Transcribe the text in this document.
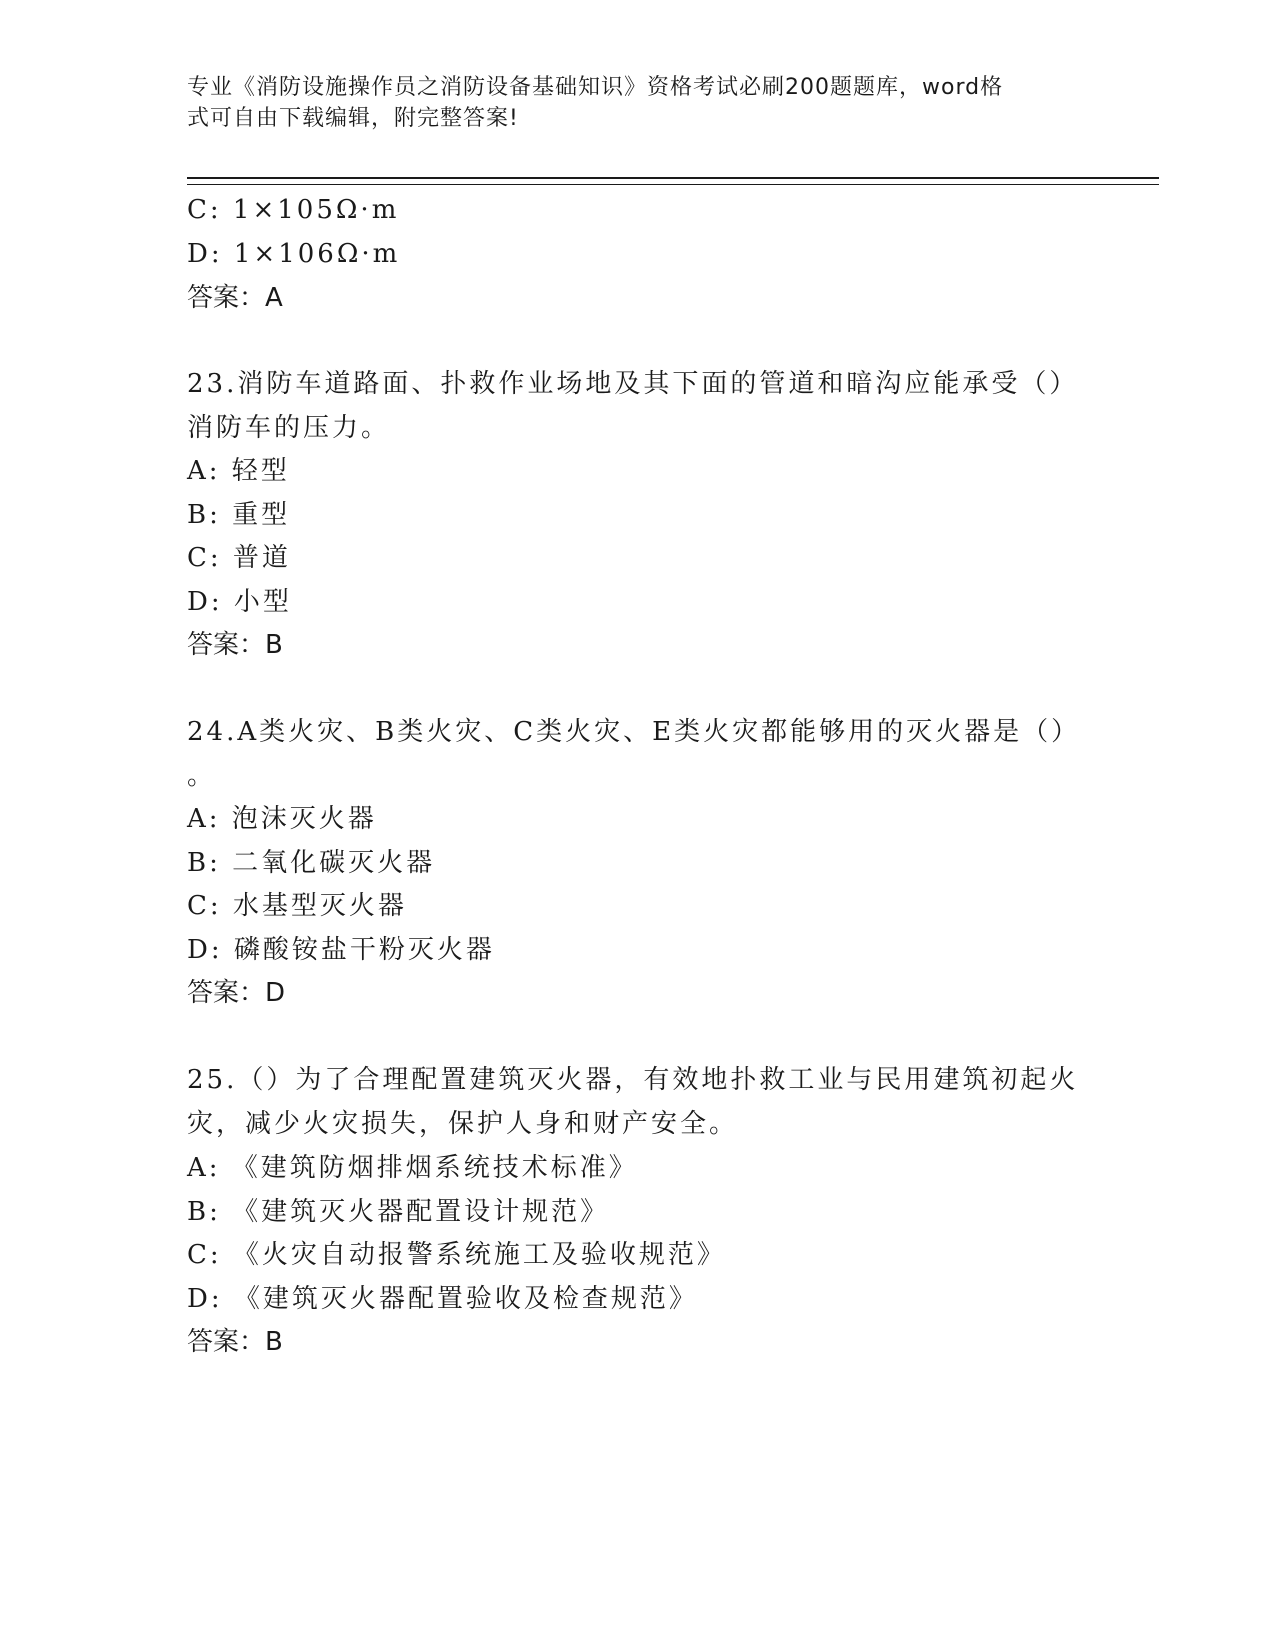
专业《消防设施操作员之消防设备基础知识》资格考试必刷200题题库，word格
式可自由下载编辑，附完整答案!
C: 1×105Ω·m
D: 1×106Ω·m
答案：A
23.消防车道路面、扑救作业场地及其下面的管道和暗沟应能承受（）
消防车的压力。
A: 轻型
B: 重型
C: 普道
D: 小型
答案：B
24.A类火灾、B类火灾、C类火灾、E类火灾都能够用的灭火器是（）
。
A: 泡沫灭火器
B: 二氧化碳灭火器
C: 水基型灭火器
D: 磷酸铵盐干粉灭火器
答案：D
25.（）为了合理配置建筑灭火器，有效地扑救工业与民用建筑初起火
灾，减少火灾损失，保护人身和财产安全。
A: 《建筑防烟排烟系统技术标准》
B: 《建筑灭火器配置设计规范》
C: 《火灾自动报警系统施工及验收规范》
D: 《建筑灭火器配置验收及检查规范》
答案：B
